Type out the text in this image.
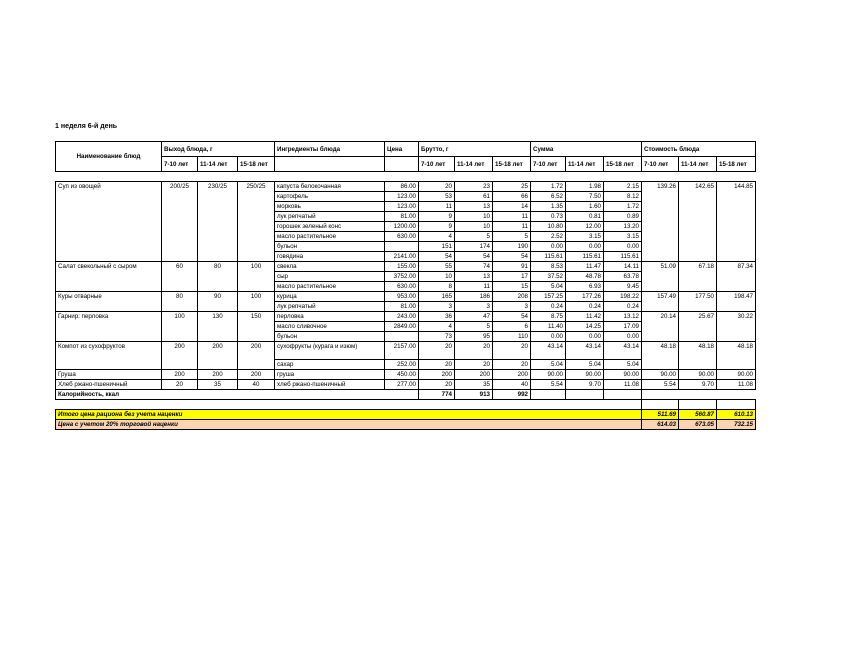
1 неделя 6-й день
Наименование блюд	Выход блюда, г			Ингредиенты блюда	Цена	Брутто, г			Сумма			Стоимость блюда		
	7-10 лет	11-14 лет	15-18 лет			7-10 лет	11-14 лет	15-18 лет	7-10 лет	11-14 лет	15-18 лет	7-10 лет	11-14 лет	15-18 лет

Суп из овощей	200/25	230/25	250/25	капуста белокочанная	86.00	20	23	25	1.72	1.98	2.15	139.26	142.65	144.85
				картофель	123.00	53	61	66	6.52	7.50	8.12			
				морковь	123.00	11	13	14	1.35	1.60	1.72			
				лук репчатый	81.00	9	10	11	0.73	0.81	0.89			
				горошек зеленый конс	1200.00	9	10	11	10.80	12.00	13.20			
				масло растительное	630.00	4	5	5	2.52	3.15	3.15			
				бульон		151	174	190	0.00	0.00	0.00			
				говядина	2141.00	54	54	54	115.61	115.61	115.61			
Салат свекольный с сыром	60	80	100	свекла	155.00	55	74	91	8.53	11.47	14.11	51.09	67.18	87.34
				сыр	3752.00	10	13	17	37.52	48.78	63.78			
				масло растительное	630.00	8	11	15	5.04	6.93	9.45			
Куры отварные	80	90	100	курица	953.00	165	186	208	157.25	177.26	198.22	157.49	177.50	198.47
				лук репчатый	81.00	3	3	3	0.24	0.24	0.24			
Гарнир: перловка	100	130	150	перловка	243.00	36	47	54	8.75	11.42	13.12	20.14	25.67	30.22
				масло сливочное	2849.00	4	5	6	11.40	14.25	17.09			
				бульон		73	95	110	0.00	0.00	0.00			
Компот из сухофруктов	200	200	200	сухофрукты (курага и изюм)	2157.00	20	20	20	43.14	43.14	43.14	48.18	48.18	48.18
				сахар	252.00	20	20	20	5.04	5.04	5.04			
Груша	200	200	200	груша	450.00	200	200	200	90.00	90.00	90.00	90.00	90.00	90.00
Хлеб ржано-пшеничный	20	35	40	хлеб ржано-пшеничный	277.00	20	35	40	5.54	9.70	11.08	5.54	9.70	11.08
Калорийность, ккал						774	913	992						

Итого цена рациона без учета наценки												511.69	560.87	610.13
Цена с учетом 20% торговой наценки												614.03	673.05	732.15
